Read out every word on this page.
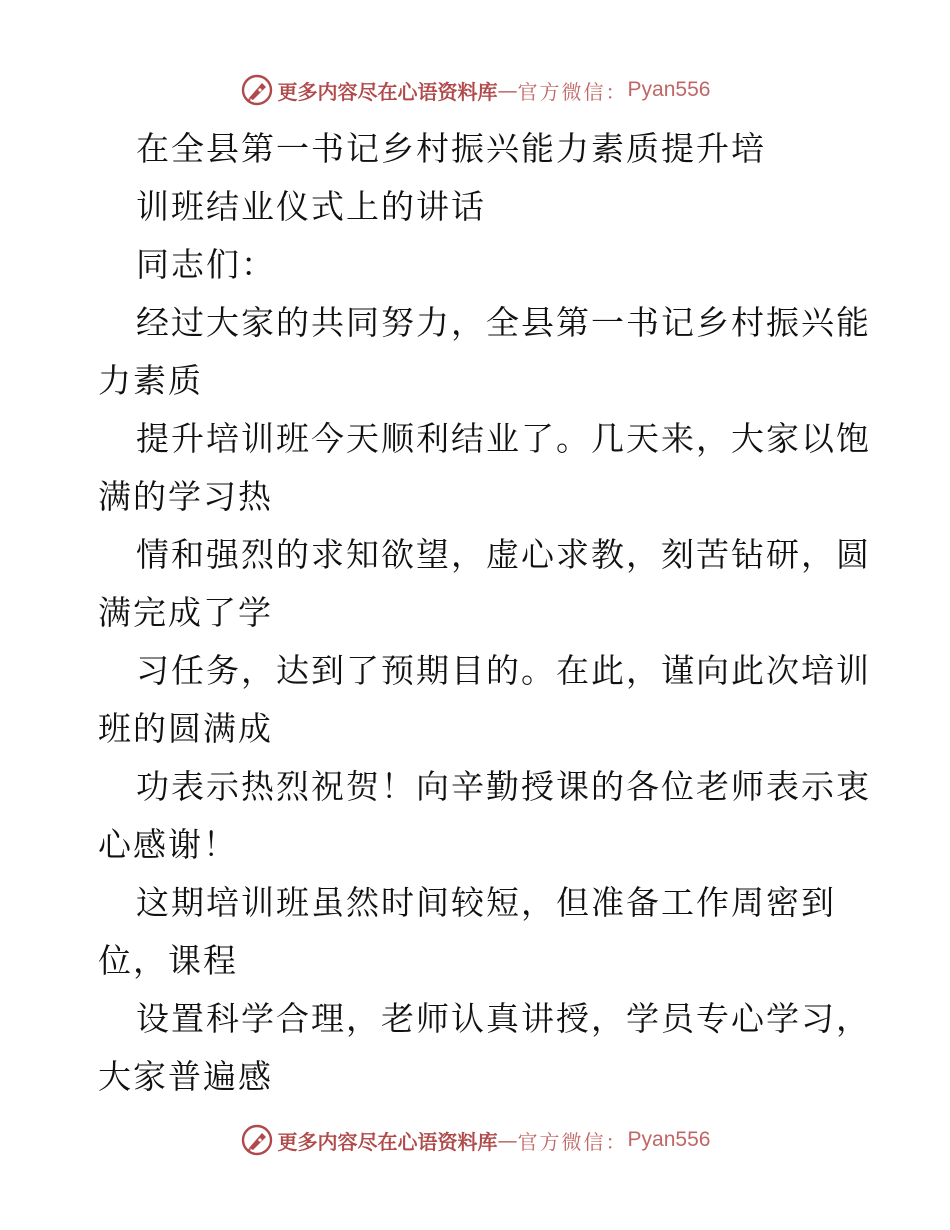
更多内容尽在心语资料库 — 官方微信： Pyan556
在全县第一书记乡村振兴能力素质提升培
训班结业仪式上的讲话
同志们：
经过大家的共同努力，全县第一书记乡村振兴能
力素质
提升培训班今天顺利结业了。几天来，大家以饱
满的学习热
情和强烈的求知欲望，虚心求教，刻苦钻研，圆
满完成了学
习任务，达到了预期目的。在此，谨向此次培训
班的圆满成
功表示热烈祝贺！向辛勤授课的各位老师表示衷
心感谢！
这期培训班虽然时间较短，但准备工作周密到
位，课程
设置科学合理，老师认真讲授，学员专心学习，
大家普遍感
更多内容尽在心语资料库 — 官方微信： Pyan556
